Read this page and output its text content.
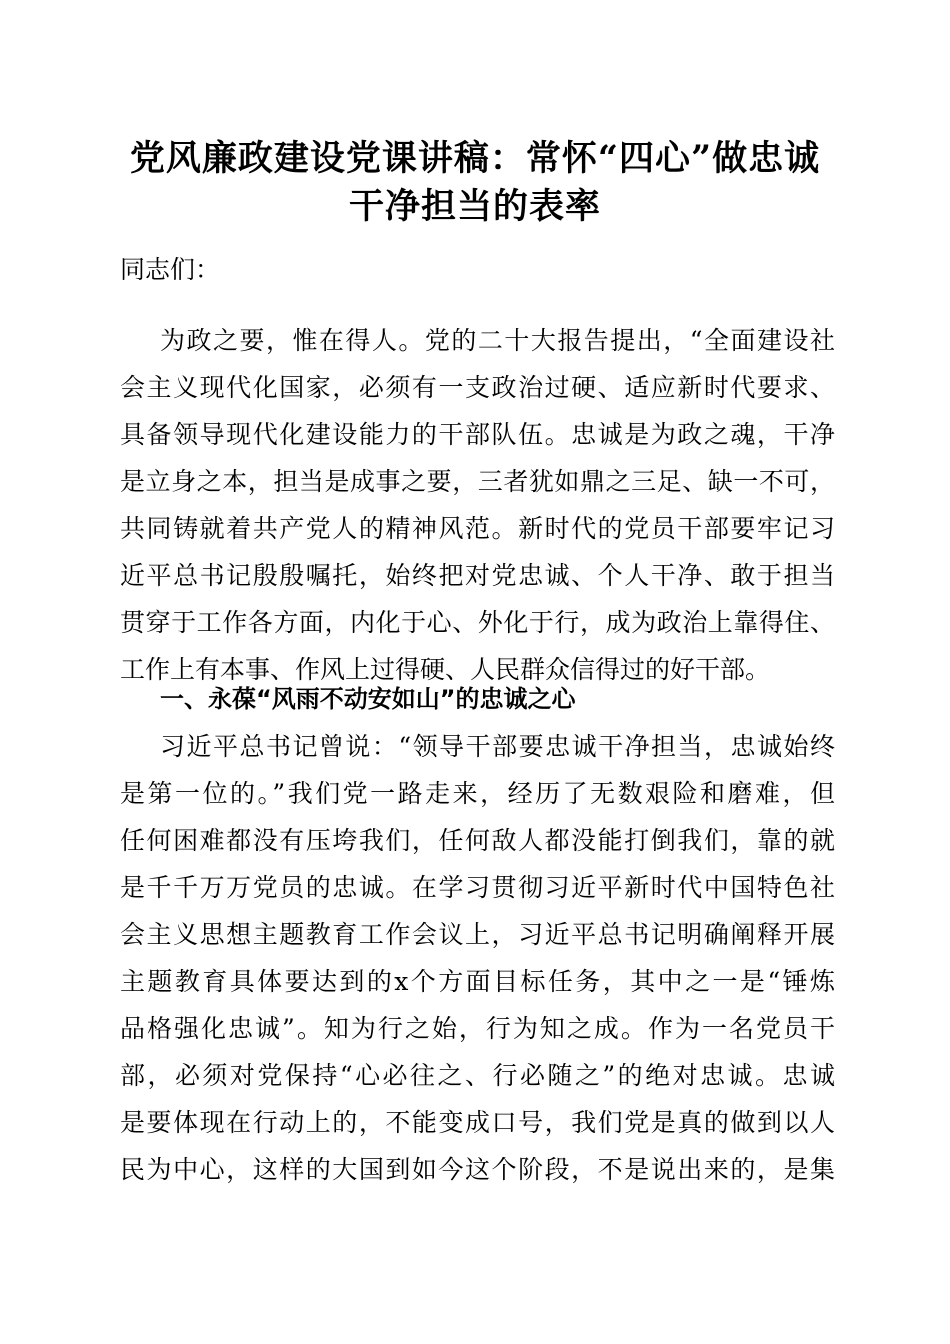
党风廉政建设党课讲稿：常怀“四心”做忠诚
干净担当的表率
同志们：
为政之要，惟在得人。党的二十大报告提出，“全面建设社
会主义现代化国家，必须有一支政治过硬、适应新时代要求、
具备领导现代化建设能力的干部队伍。忠诚是为政之魂，干净
是立身之本，担当是成事之要，三者犹如鼎之三足、缺一不可，
共同铸就着共产党人的精神风范。新时代的党员干部要牢记习
近平总书记殷殷嘱托，始终把对党忠诚、个人干净、敢于担当
贯穿于工作各方面，内化于心、外化于行，成为政治上靠得住、
工作上有本事、作风上过得硬、人民群众信得过的好干部。
一、永葆“风雨不动安如山”的忠诚之心
习近平总书记曾说：“领导干部要忠诚干净担当，忠诚始终
是第一位的。”我们党一路走来，经历了无数艰险和磨难，但
任何困难都没有压垮我们，任何敌人都没能打倒我们，靠的就
是千千万万党员的忠诚。在学习贯彻习近平新时代中国特色社
会主义思想主题教育工作会议上，习近平总书记明确阐释开展
主题教育具体要达到的x个方面目标任务，其中之一是“锤炼
品格强化忠诚”。知为行之始，行为知之成。作为一名党员干
部，必须对党保持“心必往之、行必随之”的绝对忠诚。忠诚
是要体现在行动上的，不能变成口号，我们党是真的做到以人
民为中心，这样的大国到如今这个阶段，不是说出来的，是集
